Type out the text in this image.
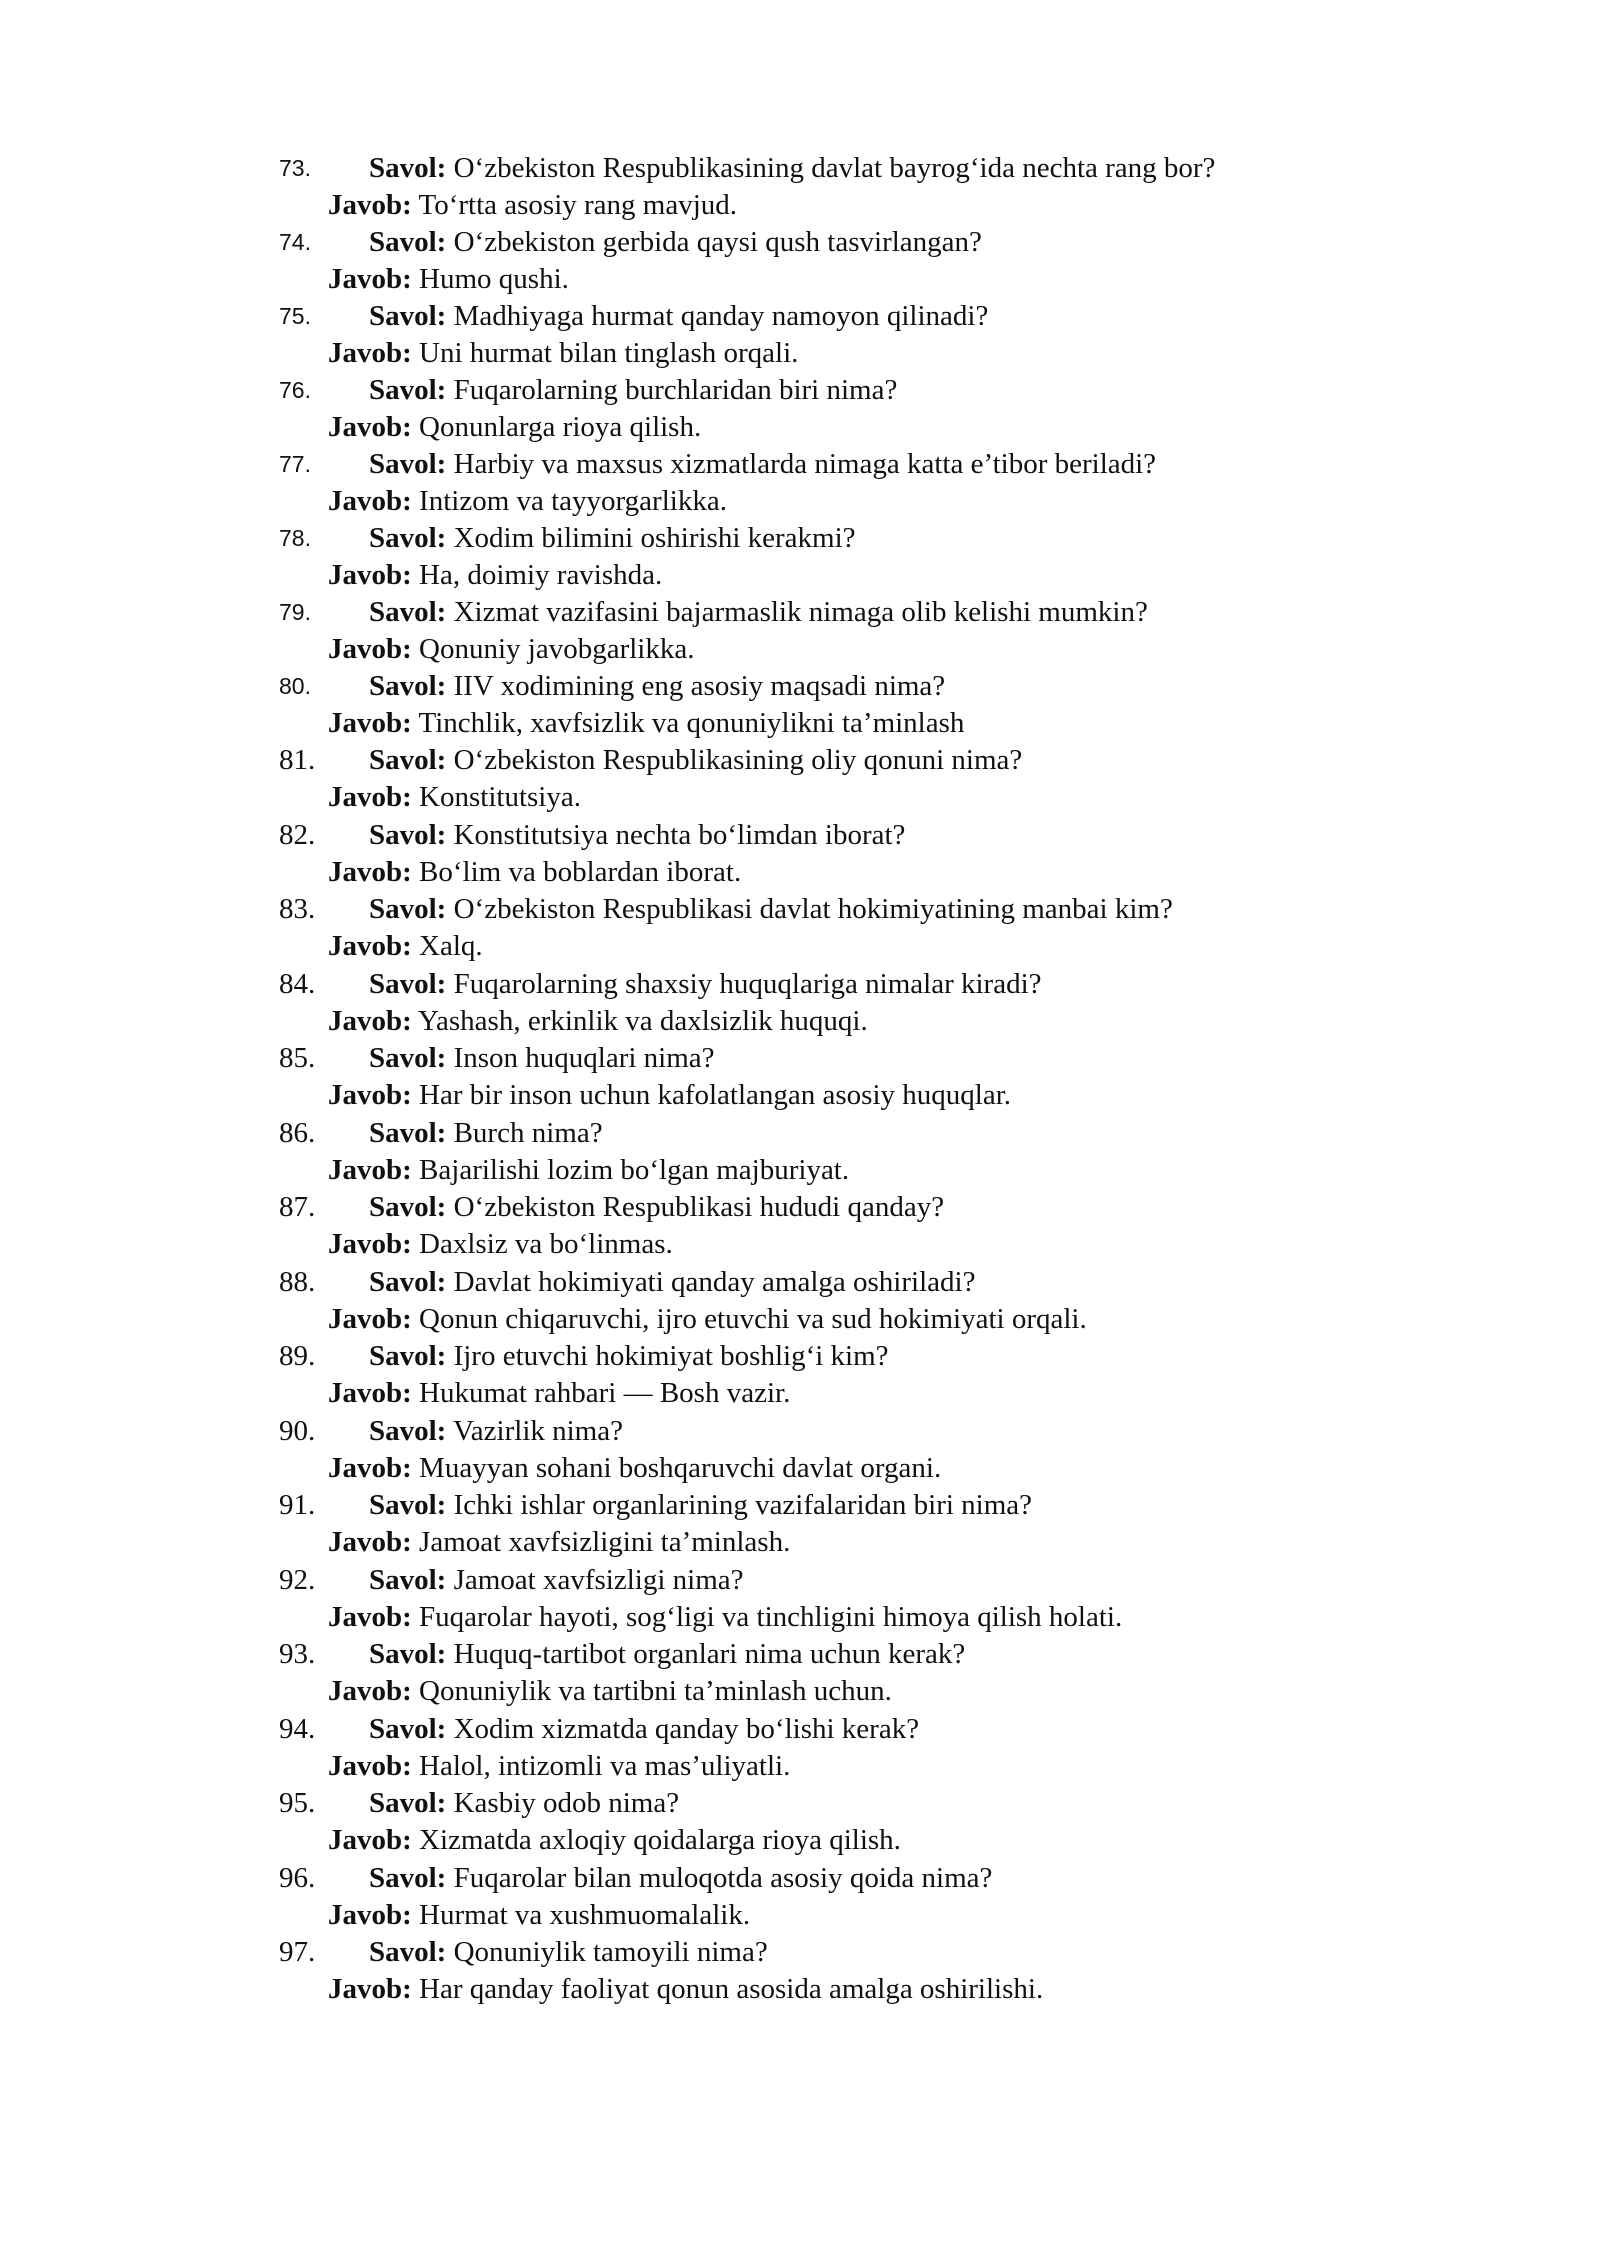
73.	Savol: O‘zbekiston Respublikasining davlat bayrog‘ida nechta rang bor?
Javob: To‘rtta asosiy rang mavjud.
74.	Savol: O‘zbekiston gerbida qaysi qush tasvirlangan?
Javob: Humo qushi.
75.	Savol: Madhiyaga hurmat qanday namoyon qilinadi?
Javob: Uni hurmat bilan tinglash orqali.
76.	Savol: Fuqarolarning burchlaridan biri nima?
Javob: Qonunlarga rioya qilish.
77.	Savol: Harbiy va maxsus xizmatlarda nimaga katta e’tibor beriladi?
Javob: Intizom va tayyorgarlikka.
78.	Savol: Xodim bilimini oshirishi kerakmi?
Javob: Ha, doimiy ravishda.
79.	Savol: Xizmat vazifasini bajarmaslik nimaga olib kelishi mumkin?
Javob: Qonuniy javobgarlikka.
80.	Savol: IIV xodimining eng asosiy maqsadi nima?
Javob: Tinchlik, xavfsizlik va qonuniylikni ta’minlash
81.	Savol: O‘zbekiston Respublikasining oliy qonuni nima?
Javob: Konstitutsiya.
82.	Savol: Konstitutsiya nechta bo‘limdan iborat?
Javob: Bo‘lim va boblardan iborat.
83.	Savol: O‘zbekiston Respublikasi davlat hokimiyatining manbai kim?
Javob: Xalq.
84.	Savol: Fuqarolarning shaxsiy huquqlariga nimalar kiradi?
Javob: Yashash, erkinlik va daxlsizlik huquqi.
85.	Savol: Inson huquqlari nima?
Javob: Har bir inson uchun kafolatlangan asosiy huquqlar.
86.	Savol: Burch nima?
Javob: Bajarilishi lozim bo‘lgan majburiyat.
87.	Savol: O‘zbekiston Respublikasi hududi qanday?
Javob: Daxlsiz va bo‘linmas.
88.	Savol: Davlat hokimiyati qanday amalga oshiriladi?
Javob: Qonun chiqaruvchi, ijro etuvchi va sud hokimiyati orqali.
89.	Savol: Ijro etuvchi hokimiyat boshlig‘i kim?
Javob: Hukumat rahbari — Bosh vazir.
90.	Savol: Vazirlik nima?
Javob: Muayyan sohani boshqaruvchi davlat organi.
91.	Savol: Ichki ishlar organlarining vazifalaridan biri nima?
Javob: Jamoat xavfsizligini ta’minlash.
92.	Savol: Jamoat xavfsizligi nima?
Javob: Fuqarolar hayoti, sog‘ligi va tinchligini himoya qilish holati.
93.	Savol: Huquq-tartibot organlari nima uchun kerak?
Javob: Qonuniylik va tartibni ta’minlash uchun.
94.	Savol: Xodim xizmatda qanday bo‘lishi kerak?
Javob: Halol, intizomli va mas’uliyatli.
95.	Savol: Kasbiy odob nima?
Javob: Xizmatda axloqiy qoidalarga rioya qilish.
96.	Savol: Fuqarolar bilan muloqotda asosiy qoida nima?
Javob: Hurmat va xushmuomalalik.
97.	Savol: Qonuniylik tamoyili nima?
Javob: Har qanday faoliyat qonun asosida amalga oshirilishi.
